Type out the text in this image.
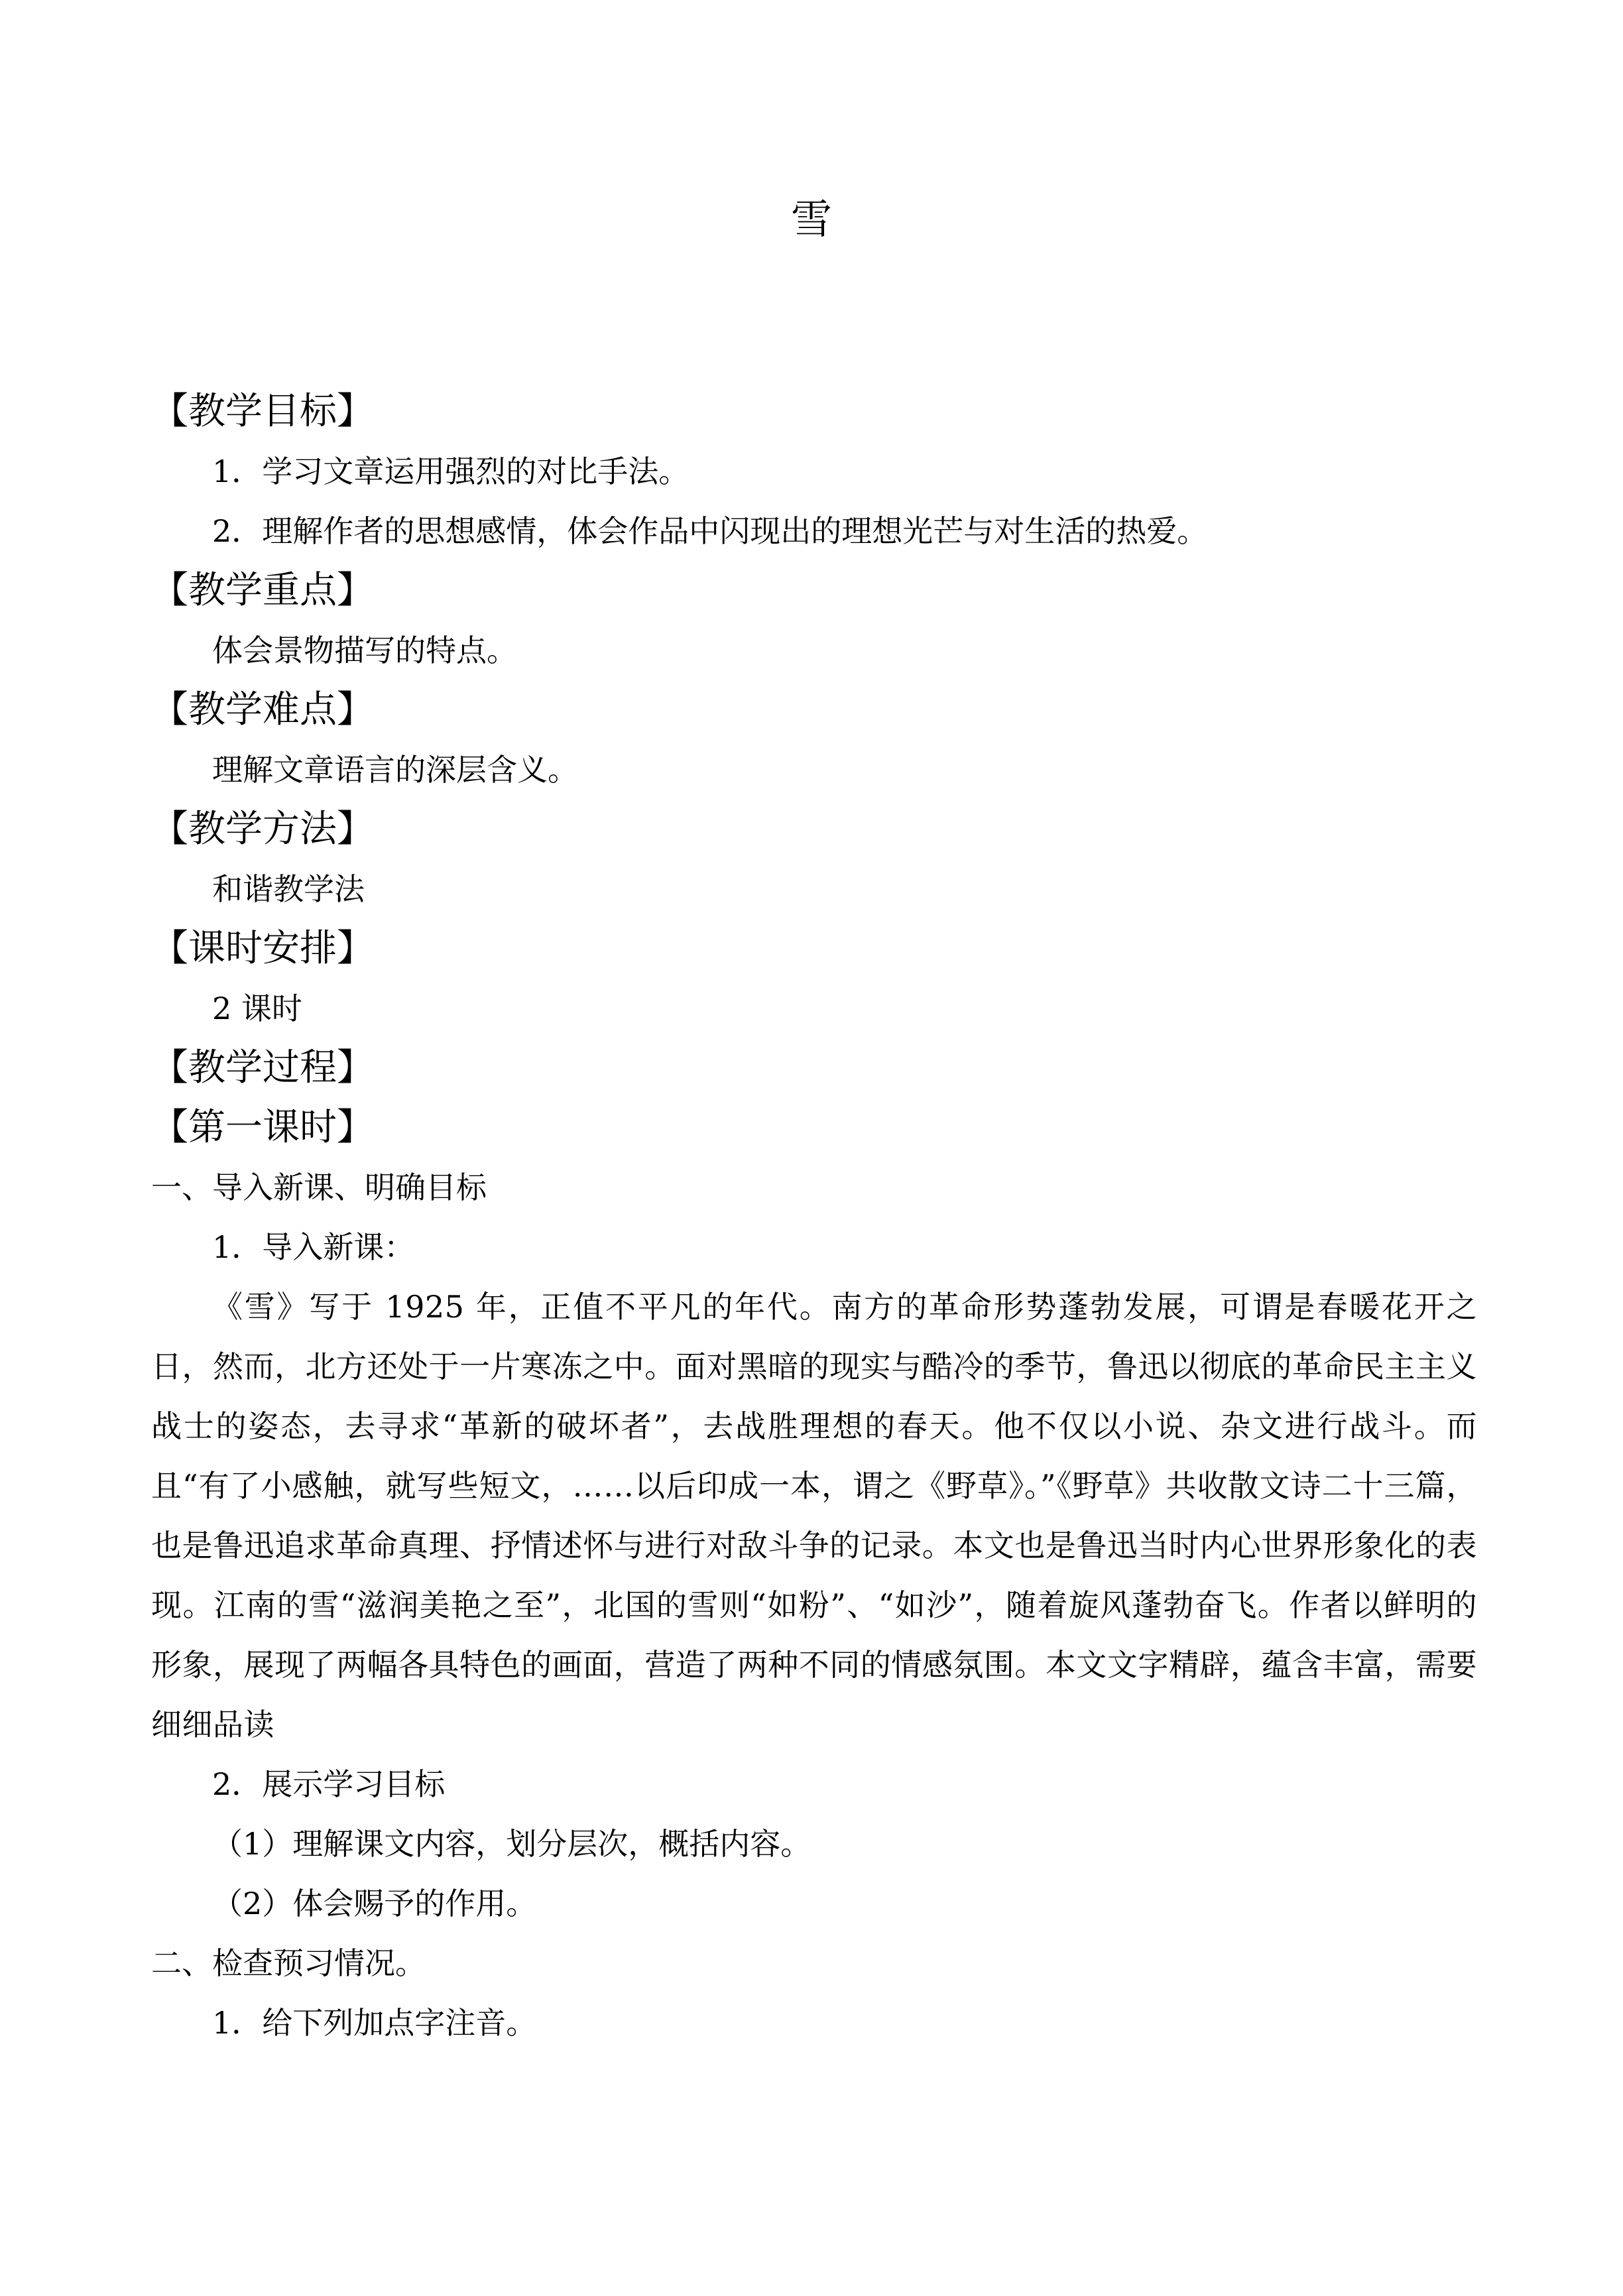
雪

【教学目标】

1．学习文章运用强烈的对比手法。

2．理解作者的思想感情，体会作品中闪现出的理想光芒与对生活的热爱。

【教学重点】

体会景物描写的特点。

【教学难点】

理解文章语言的深层含义。

【教学方法】

和谐教学法

【课时安排】

2 课时

【教学过程】

【第一课时】

一、导入新课、明确目标

1．导入新课：

《雪》写于 1925 年，正值不平凡的年代。南方的革命形势蓬勃发展，可谓是春暖花开之日，然而，北方还处于一片寒冻之中。面对黑暗的现实与酷冷的季节，鲁迅以彻底的革命民主主义战士的姿态，去寻求“革新的破坏者”，去战胜理想的春天。他不仅以小说、杂文进行战斗。而且“有了小感触，就写些短文，……以后印成一本，谓之《野草》。”《野草》共收散文诗二十三篇，也是鲁迅追求革命真理、抒情述怀与进行对敌斗争的记录。本文也是鲁迅当时内心世界形象化的表现。江南的雪“滋润美艳之至”，北国的雪则“如粉”、“如沙”，随着旋风蓬勃奋飞。作者以鲜明的形象，展现了两幅各具特色的画面，营造了两种不同的情感氛围。本文文字精辟，蕴含丰富，需要细细品读

2．展示学习目标

（1）理解课文内容，划分层次，概括内容。

（2）体会赐予的作用。

二、检查预习情况。

1．给下列加点字注音。
